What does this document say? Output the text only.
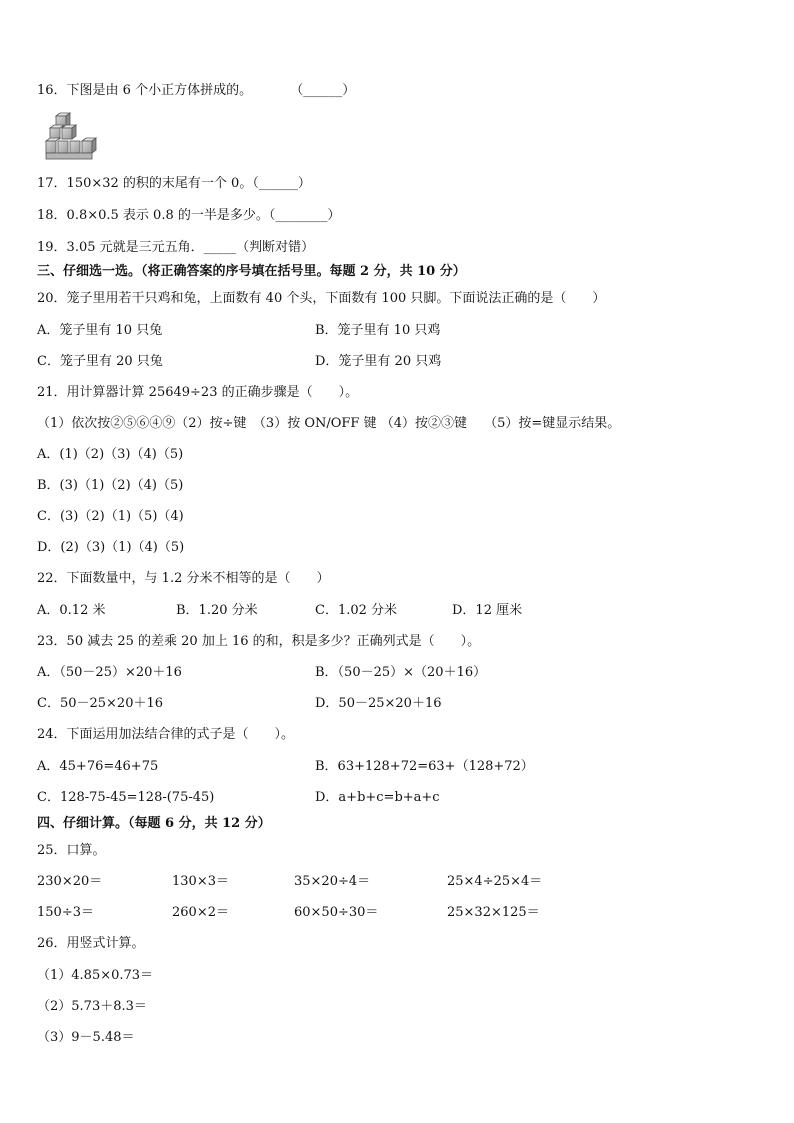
16．下图是由 6 个小正方体拼成的。	（______）
17．150×32 的积的末尾有一个 0。（______）
18．0.8×0.5 表示 0.8 的一半是多少。（________）
19．3.05 元就是三元五角．_____（判断对错）
三、仔细选一选。（将正确答案的序号填在括号里。每题 2 分，共 10 分）
20．笼子里用若干只鸡和兔，上面数有 40 个头，下面数有 100 只脚。下面说法正确的是（　　）
A．笼子里有 10 只兔	B．笼子里有 10 只鸡
C．笼子里有 20 只兔	D．笼子里有 20 只鸡
21．用计算器计算 25649÷23 的正确步骤是（　　）。
（1）依次按②⑤⑥④⑨（2）按÷键　（3）按 ON/OFF 键 （4）按②③键　 （5）按=键显示结果。
A．(1)（2)（3)（4)（5)
B．(3)（1)（2)（4)（5)
C．(3)（2)（1)（5)（4)
D．(2)（3)（1)（4)（5)
22．下面数量中，与 1.2 分米不相等的是（　　）
A．0.12 米	B．1.20 分米	C．1.02 分米	D．12 厘米
23．50 减去 25 的差乘 20 加上 16 的和，积是多少？正确列式是（　　）。
A．（50－25）×20＋16	B．（50－25）×（20＋16）
C．50－25×20＋16	D．50－25×20＋16
24．下面运用加法结合律的式子是（　　）。
A．45+76=46+75	B．63+128+72=63+（128+72）
C．128-75-45=128-(75-45)	D．a+b+c=b+a+c
四、仔细计算。（每题 6 分，共 12 分）
25．口算。
230×20＝	130×3＝	35×20÷4＝	25×4÷25×4＝
150÷3＝	260×2＝	60×50÷30＝	25×32×125＝
26．用竖式计算。
（1）4.85×0.73＝
（2）5.73＋8.3＝
（3）9－5.48＝
